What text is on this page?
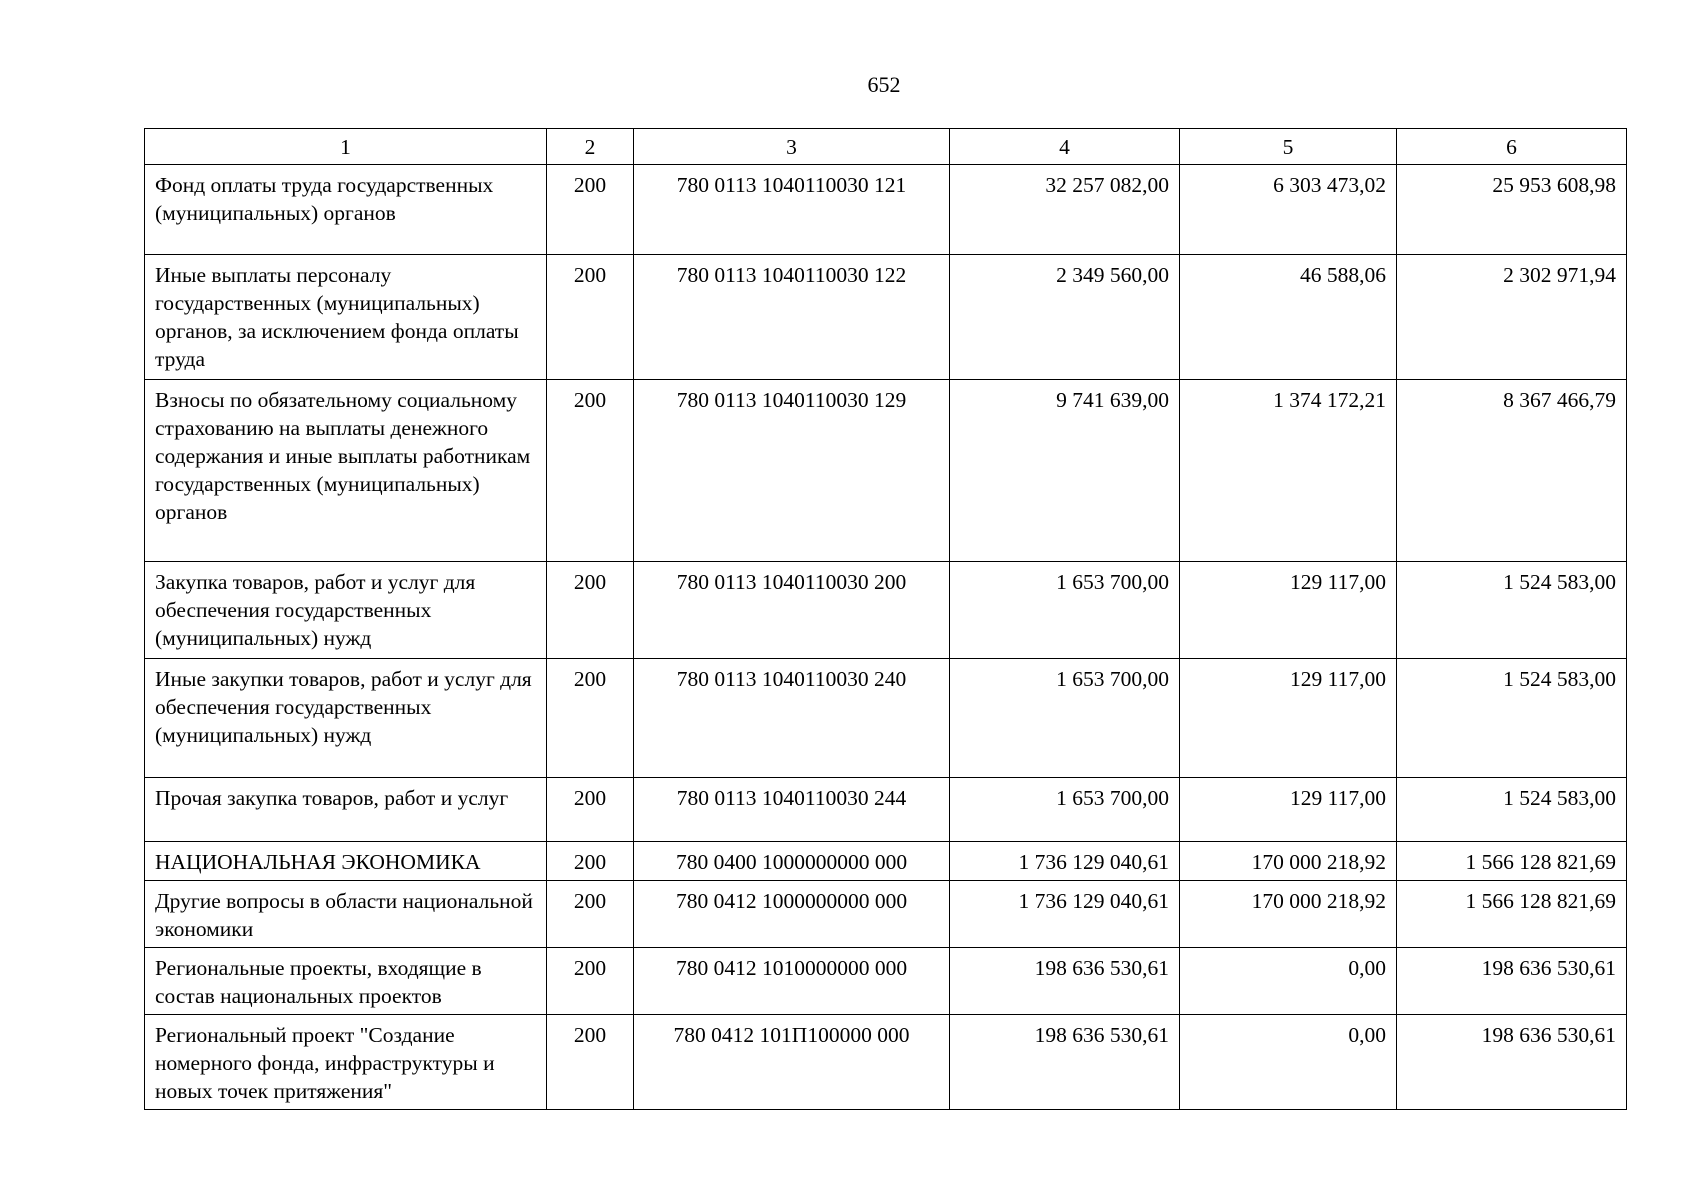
652
1	2	3	4	5	6
Фонд оплаты труда государственных (муниципальных) органов	200	780 0113 1040110030 121	32 257 082,00	6 303 473,02	25 953 608,98
Иные выплаты персоналу государственных (муниципальных) органов, за исключением фонда оплаты труда	200	780 0113 1040110030 122	2 349 560,00	46 588,06	2 302 971,94
Взносы по обязательному социальному страхованию на выплаты денежного содержания и иные выплаты работникам государственных (муниципальных) органов	200	780 0113 1040110030 129	9 741 639,00	1 374 172,21	8 367 466,79
Закупка товаров, работ и услуг для обеспечения государственных (муниципальных) нужд	200	780 0113 1040110030 200	1 653 700,00	129 117,00	1 524 583,00
Иные закупки товаров, работ и услуг для обеспечения государственных (муниципальных) нужд	200	780 0113 1040110030 240	1 653 700,00	129 117,00	1 524 583,00
Прочая закупка товаров, работ и услуг	200	780 0113 1040110030 244	1 653 700,00	129 117,00	1 524 583,00
НАЦИОНАЛЬНАЯ ЭКОНОМИКА	200	780 0400 1000000000 000	1 736 129 040,61	170 000 218,92	1 566 128 821,69
Другие вопросы в области национальной экономики	200	780 0412 1000000000 000	1 736 129 040,61	170 000 218,92	1 566 128 821,69
Региональные проекты, входящие в состав национальных проектов	200	780 0412 1010000000 000	198 636 530,61	0,00	198 636 530,61
Региональный проект "Создание номерного фонда, инфраструктуры и новых точек притяжения"	200	780 0412 101П100000 000	198 636 530,61	0,00	198 636 530,61
